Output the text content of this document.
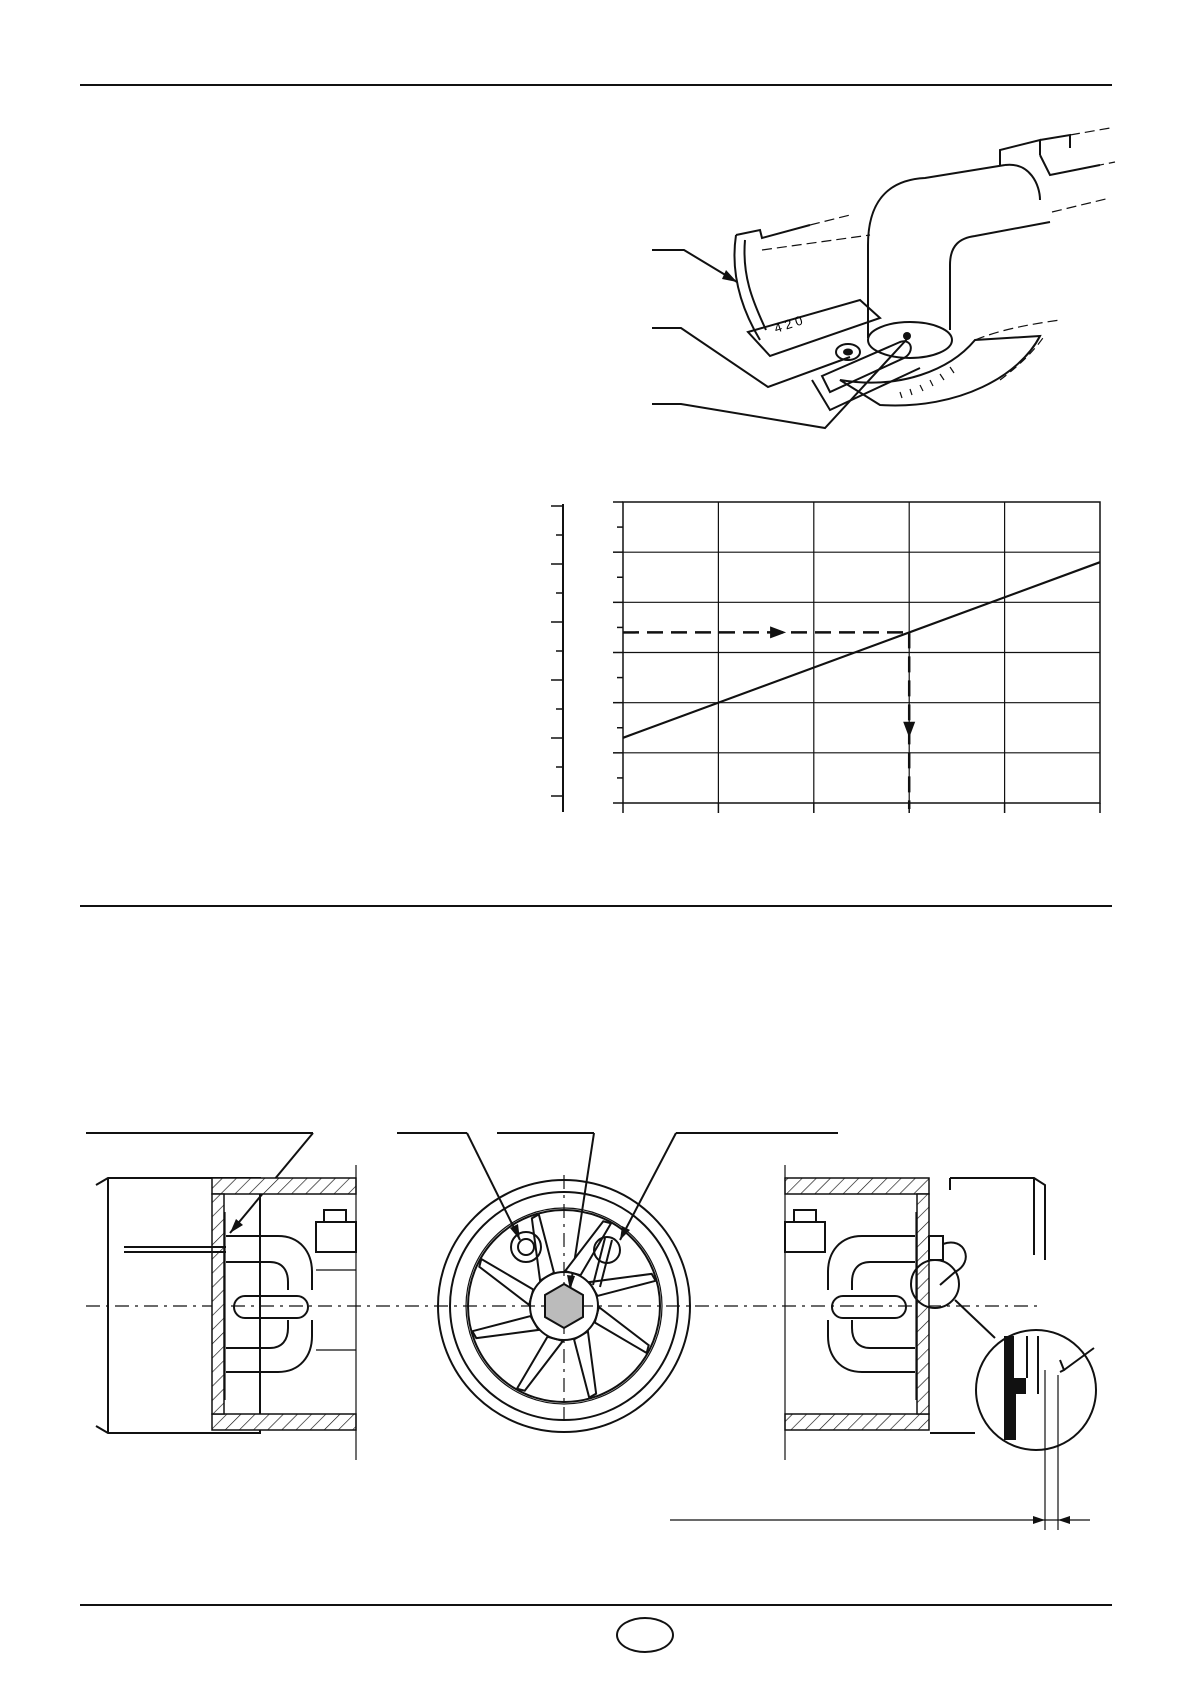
4 2 0
